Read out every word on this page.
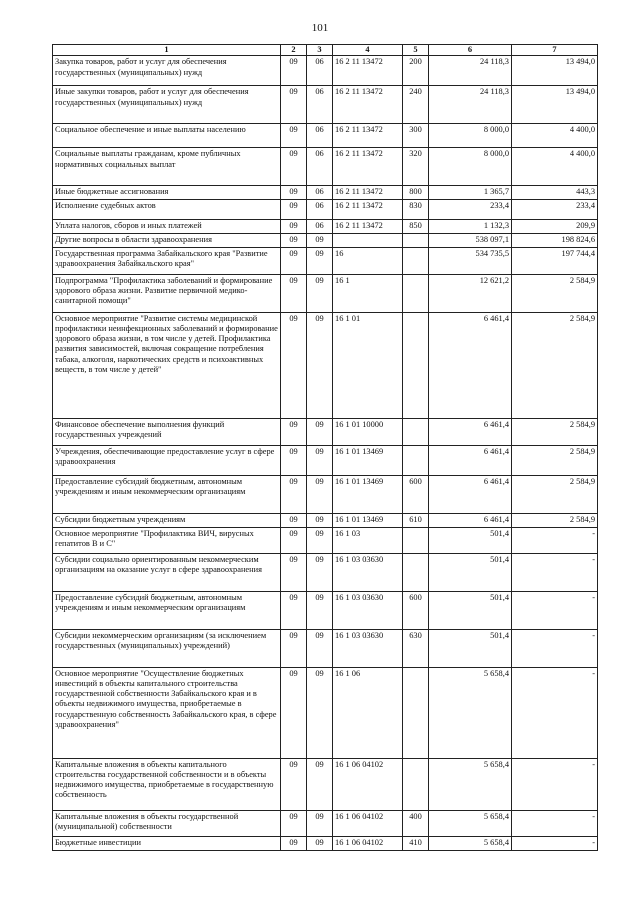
101
1	2	3	4	5	6	7
Закупка товаров, работ и услуг для обеспечения государственных (муниципальных) нужд	09	06	16 2 11 13472	200	24 118,3	13 494,0
Иные закупки товаров, работ и услуг для обеспечения государственных (муниципальных) нужд	09	06	16 2 11 13472	240	24 118,3	13 494,0
Социальное обеспечение и иные выплаты населению	09	06	16 2 11 13472	300	8 000,0	4 400,0
Социальные выплаты гражданам, кроме публичных нормативных социальных выплат	09	06	16 2 11 13472	320	8 000,0	4 400,0
Иные бюджетные ассигнования	09	06	16 2 11 13472	800	1 365,7	443,3
Исполнение судебных актов	09	06	16 2 11 13472	830	233,4	233,4
Уплата налогов, сборов и иных платежей	09	06	16 2 11 13472	850	1 132,3	209,9
Другие вопросы в области здравоохранения	09	09			538 097,1	198 824,6
Государственная программа Забайкальского края "Развитие здравоохранения Забайкальского края"	09	09	16		534 735,5	197 744,4
Подпрограмма "Профилактика заболеваний и формирование здорового образа жизни. Развитие первичной медико-санитарной помощи"	09	09	16 1		12 621,2	2 584,9
Основное мероприятие "Развитие системы медицинской профилактики неинфекционных заболеваний и формирование здорового образа жизни, в том числе у детей. Профилактика развития зависимостей, включая сокращение потребления табака, алкоголя, наркотических средств и психоактивных веществ, в том числе у детей"	09	09	16 1 01		6 461,4	2 584,9
Финансовое обеспечение выполнения функций государственных учреждений	09	09	16 1 01 10000		6 461,4	2 584,9
Учреждения, обеспечивающие предоставление услуг в сфере здравоохранения	09	09	16 1 01 13469		6 461,4	2 584,9
Предоставление субсидий бюджетным, автономным учреждениям и иным некоммерческим организациям	09	09	16 1 01 13469	600	6 461,4	2 584,9
Субсидии бюджетным учреждениям	09	09	16 1 01 13469	610	6 461,4	2 584,9
Основное мероприятие "Профилактика ВИЧ, вирусных гепатитов В и С"	09	09	16 1 03		501,4	-
Субсидии социально ориентированным некоммерческим организациям на оказание услуг в сфере здравоохранения	09	09	16 1 03 03630		501,4	-
Предоставление субсидий бюджетным, автономным учреждениям и иным некоммерческим организациям	09	09	16 1 03 03630	600	501,4	-
Субсидии некоммерческим организациям (за исключением государственных (муниципальных) учреждений)	09	09	16 1 03 03630	630	501,4	-
Основное мероприятие "Осуществление бюджетных инвестиций в объекты капитального строительства государственной собственности Забайкальского края и в объекты недвижимого имущества, приобретаемые в государственную собственность Забайкальского края, в сфере здравоохранения"	09	09	16 1 06		5 658,4	-
Капитальные вложения в объекты капитального строительства государственной собственности и в объекты недвижимого имущества, приобретаемые в государственную собственность	09	09	16 1 06 04102		5 658,4	-
Капитальные вложения в объекты государственной (муниципальной) собственности	09	09	16 1 06 04102	400	5 658,4	-
Бюджетные инвестиции	09	09	16 1 06 04102	410	5 658,4	-
